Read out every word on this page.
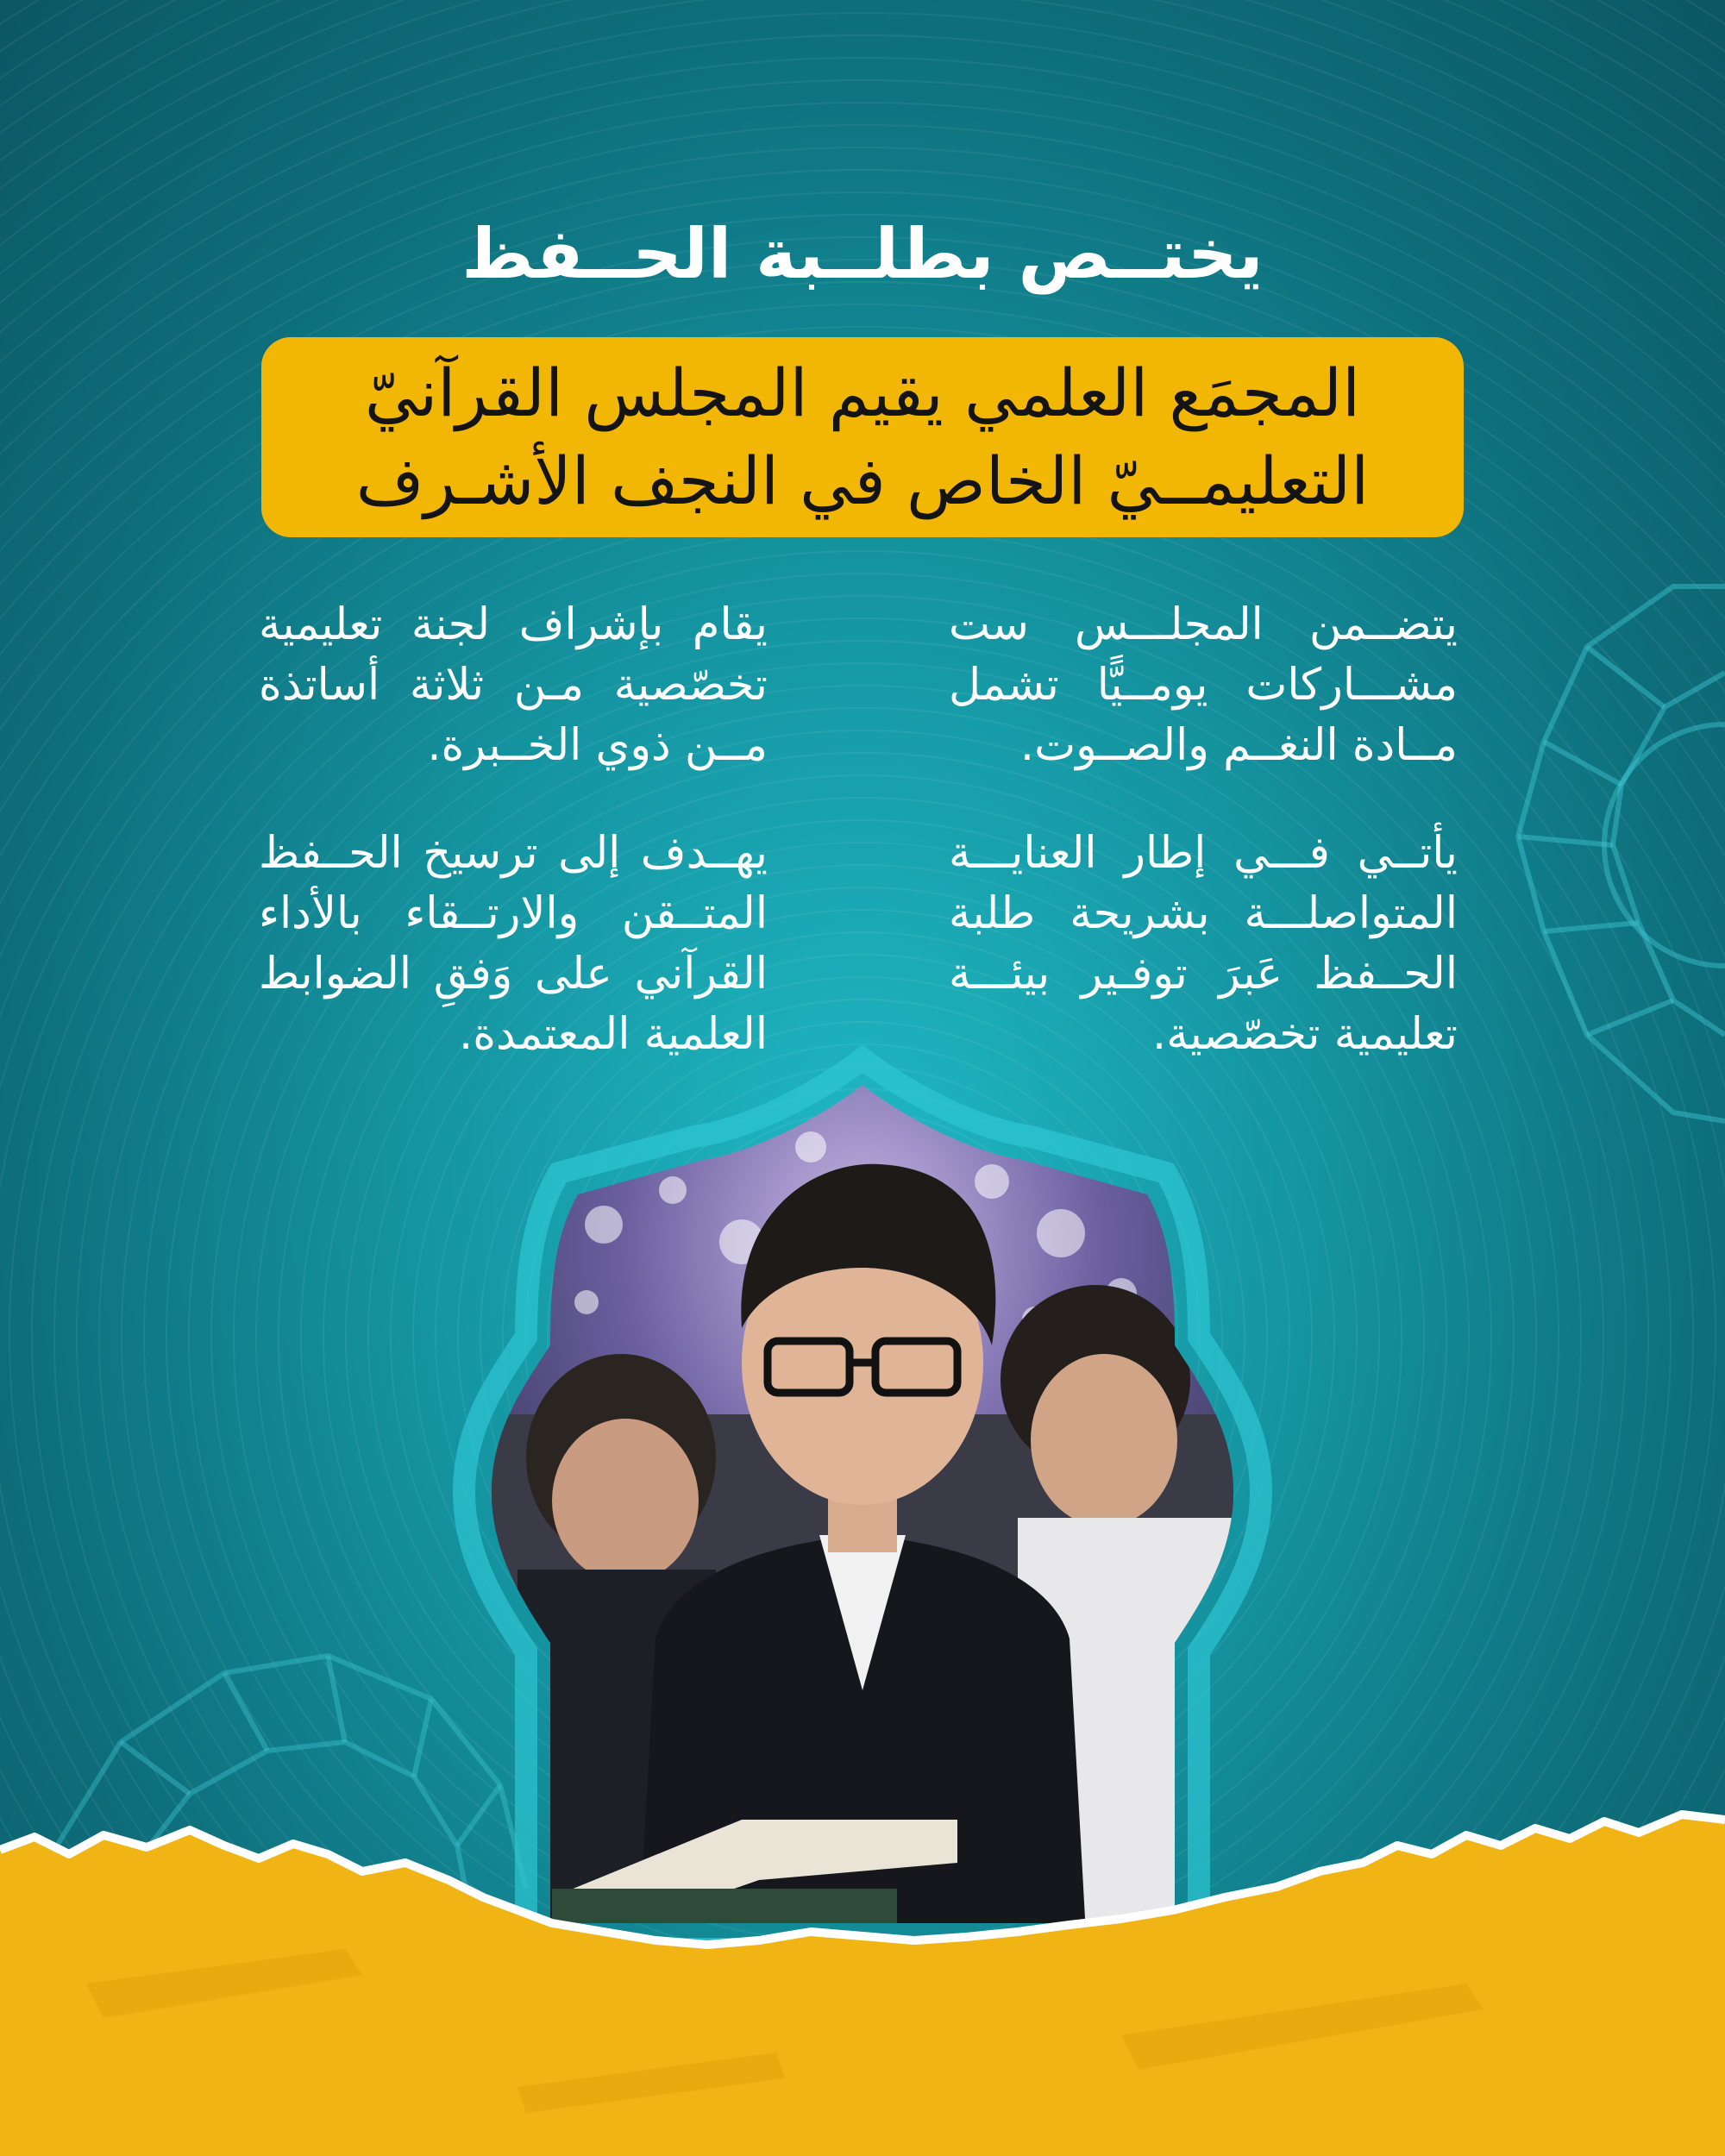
يختــص بطلــبة الحــفظ
المجمَع العلمي يقيم المجلس القرآنيّ
التعليمــيّ الخاص في النجف الأشـرف
يتضــمن المجلـــس ست مشـــاركات يومــيًّا تشمل مــادة النغــم والصــوت.
يقام بإشراف لجنة تعليمية تخصّصية مـن ثلاثة أساتذة مــن ذوي الخــبرة.
يأتــي فـــي إطار العنايـــة المتواصلـــة بشريحة طلبة الحــفظ عَبرَ توفـير بيئـــة تعليمية تخصّصية.
يهــدف إلى ترسيخ الحــفظ المتــقن والارتــقاء بالأداء القرآني على وَفقِ الضوابط العلمية المعتمدة.
